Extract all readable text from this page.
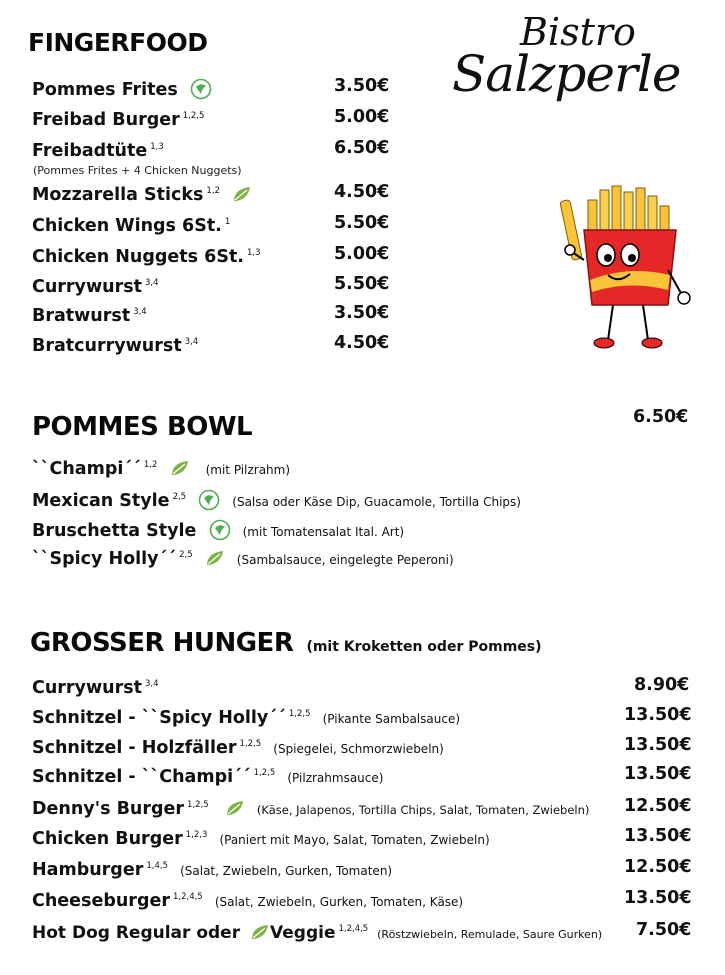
Bistro
Salzperle
FINGERFOOD
Pommes Frites	3.50€
Freibad Burger $^{1,2,5}$	5.00€
Freibadtüte $^{1,3}$	6.50€
(Pommes Frites + 4 Chicken Nuggets)
Mozzarella Sticks $^{1,2}$	4.50€
Chicken Wings 6St. $^1$	5.50€
Chicken Nuggets 6St. $^{1,3}$	5.00€
Currywurst $^{3,4}$	5.50€
Bratwurst $^{3,4}$	3.50€
Bratcurrywurst $^{3,4}$	4.50€
POMMES BOWL	6.50€
``Champi´´ $^{1,2}$	(mit Pilzrahm)
Mexican Style $^{2,5}$	(Salsa oder Käse Dip, Guacamole, Tortilla Chips)
Bruschetta Style	(mit Tomatensalat Ital. Art)
``Spicy Holly´´ $^{2,5}$	(Sambalsauce, eingelegte Peperoni)
GROSSER HUNGER (mit Kroketten oder Pommes)
Currywurst $^{3,4}$	8.90€
Schnitzel - ``Spicy Holly´´ $^{1,2,5}$ (Pikante Sambalsauce)	13.50€
Schnitzel - Holzfäller $^{1,2,5}$ (Spiegelei, Schmorzwiebeln)	13.50€
Schnitzel - ``Champi´´ $^{1,2,5}$ (Pilzrahmsauce)	13.50€
Denny's Burger $^{1,2,5}$	(Käse, Jalapenos, Tortilla Chips, Salat, Tomaten, Zwiebeln) 12.50€
Chicken Burger $^{1,2,3}$ (Paniert mit Mayo, Salat, Tomaten, Zwiebeln)	13.50€
Hamburger $^{1,4,5}$ (Salat, Zwiebeln, Gurken, Tomaten)	12.50€
Cheeseburger $^{1,2,4,5}$ (Salat, Zwiebeln, Gurken, Tomaten, Käse)	13.50€
Hot Dog Regular oder Veggie $^{1,2,4,5}$ (Röstzwiebeln, Remulade, Saure Gurken) 7.50€
